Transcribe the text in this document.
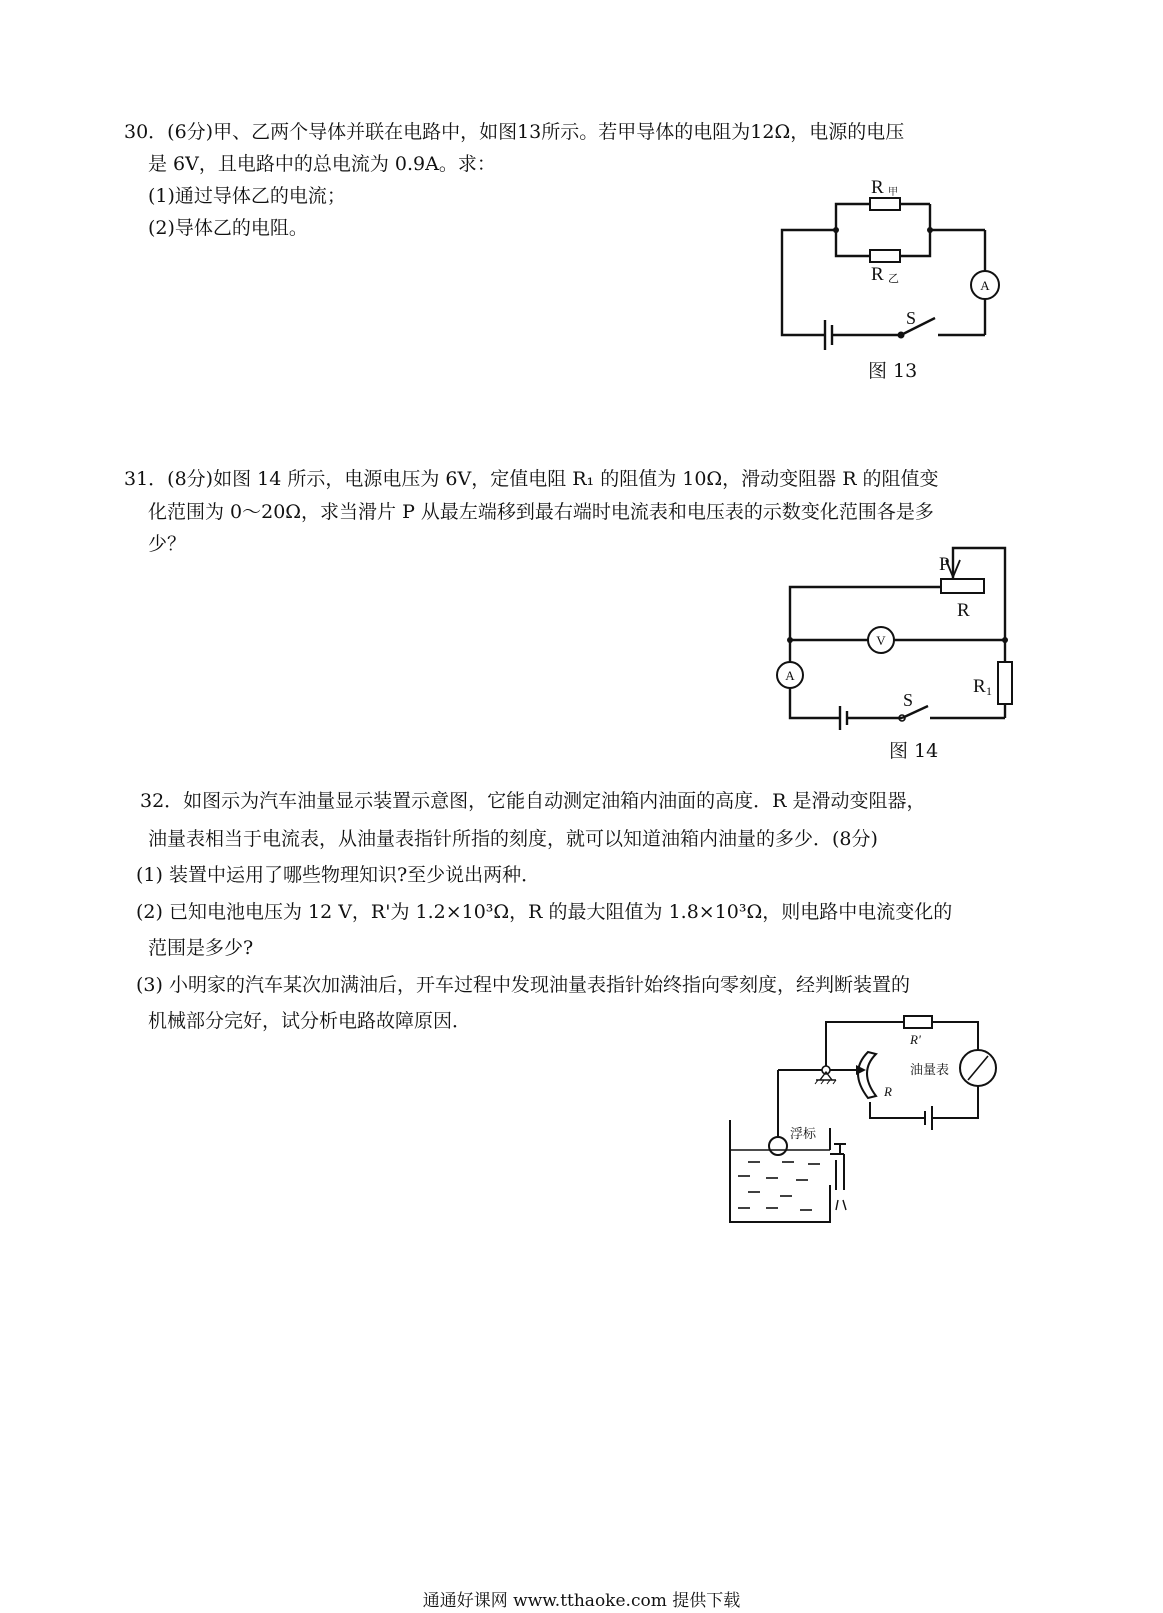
30．(6分)甲、乙两个导体并联在电路中，如图13所示。若甲导体的电阻为12Ω，电源的电压
是 6V，且电路中的总电流为 0.9A。求：
(1)通过导体乙的电流；
(2)导体乙的电阻。
R 甲
R 乙	A
S
图 13
31．(8分)如图 14 所示，电源电压为 6V，定值电阻 R₁ 的阻值为 10Ω，滑动变阻器 R 的阻值变
化范围为 0～20Ω，求当滑片 P 从最左端移到最右端时电流表和电压表的示数变化范围各是多
少？
P
R
V
A
R 1
S
图 14
32．如图示为汽车油量显示装置示意图，它能自动测定油箱内油面的高度．R 是滑动变阻器，
油量表相当于电流表，从油量表指针所指的刻度，就可以知道油箱内油量的多少．(8分)
(1) 装置中运用了哪些物理知识?至少说出两种．
(2) 已知电池电压为 12 V，R'为 1.2×10³Ω，R 的最大阻值为 1.8×10³Ω，则电路中电流变化的
范围是多少?
(3) 小明家的汽车某次加满油后，开车过程中发现油量表指针始终指向零刻度，经判断装置的
机械部分完好，试分析电路故障原因．
R'
R
油量表
浮标
通通好课网 www.tthaoke.com 提供下载
